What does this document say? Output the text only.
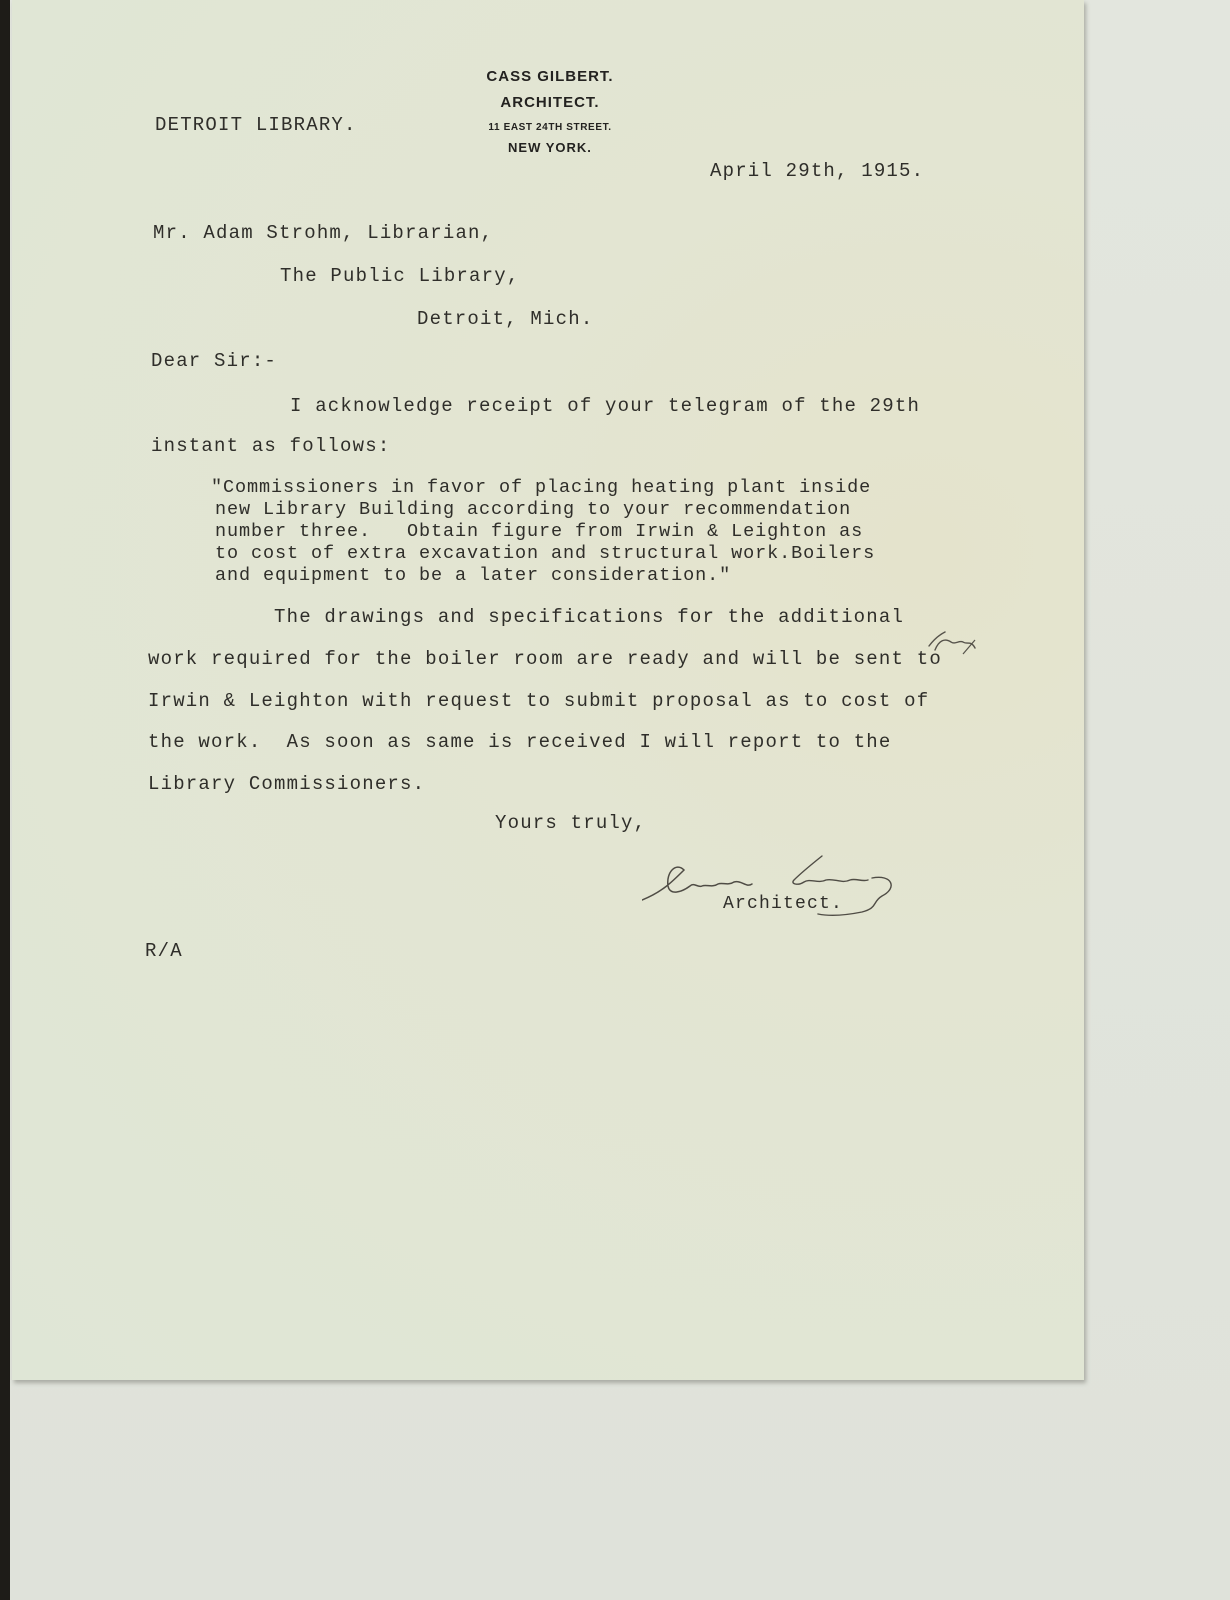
CASS GILBERT.
ARCHITECT.
11 EAST 24TH STREET.
NEW YORK.
DETROIT LIBRARY.
April 29th, 1915.
Mr. Adam Strohm, Librarian,
The Public Library,
Detroit, Mich.
Dear Sir:-
I acknowledge receipt of your telegram of the 29th
instant as follows:
"Commissioners in favor of placing heating plant inside
new Library Building according to your recommendation
number three.   Obtain figure from Irwin & Leighton as
to cost of extra excavation and structural work.Boilers
and equipment to be a later consideration."
The drawings and specifications for the additional
work required for the boiler room are ready and will be sent to
Irwin & Leighton with request to submit proposal as to cost of
the work.  As soon as same is received I will report to the
Library Commissioners.
Yours truly,
Architect.
R/A
